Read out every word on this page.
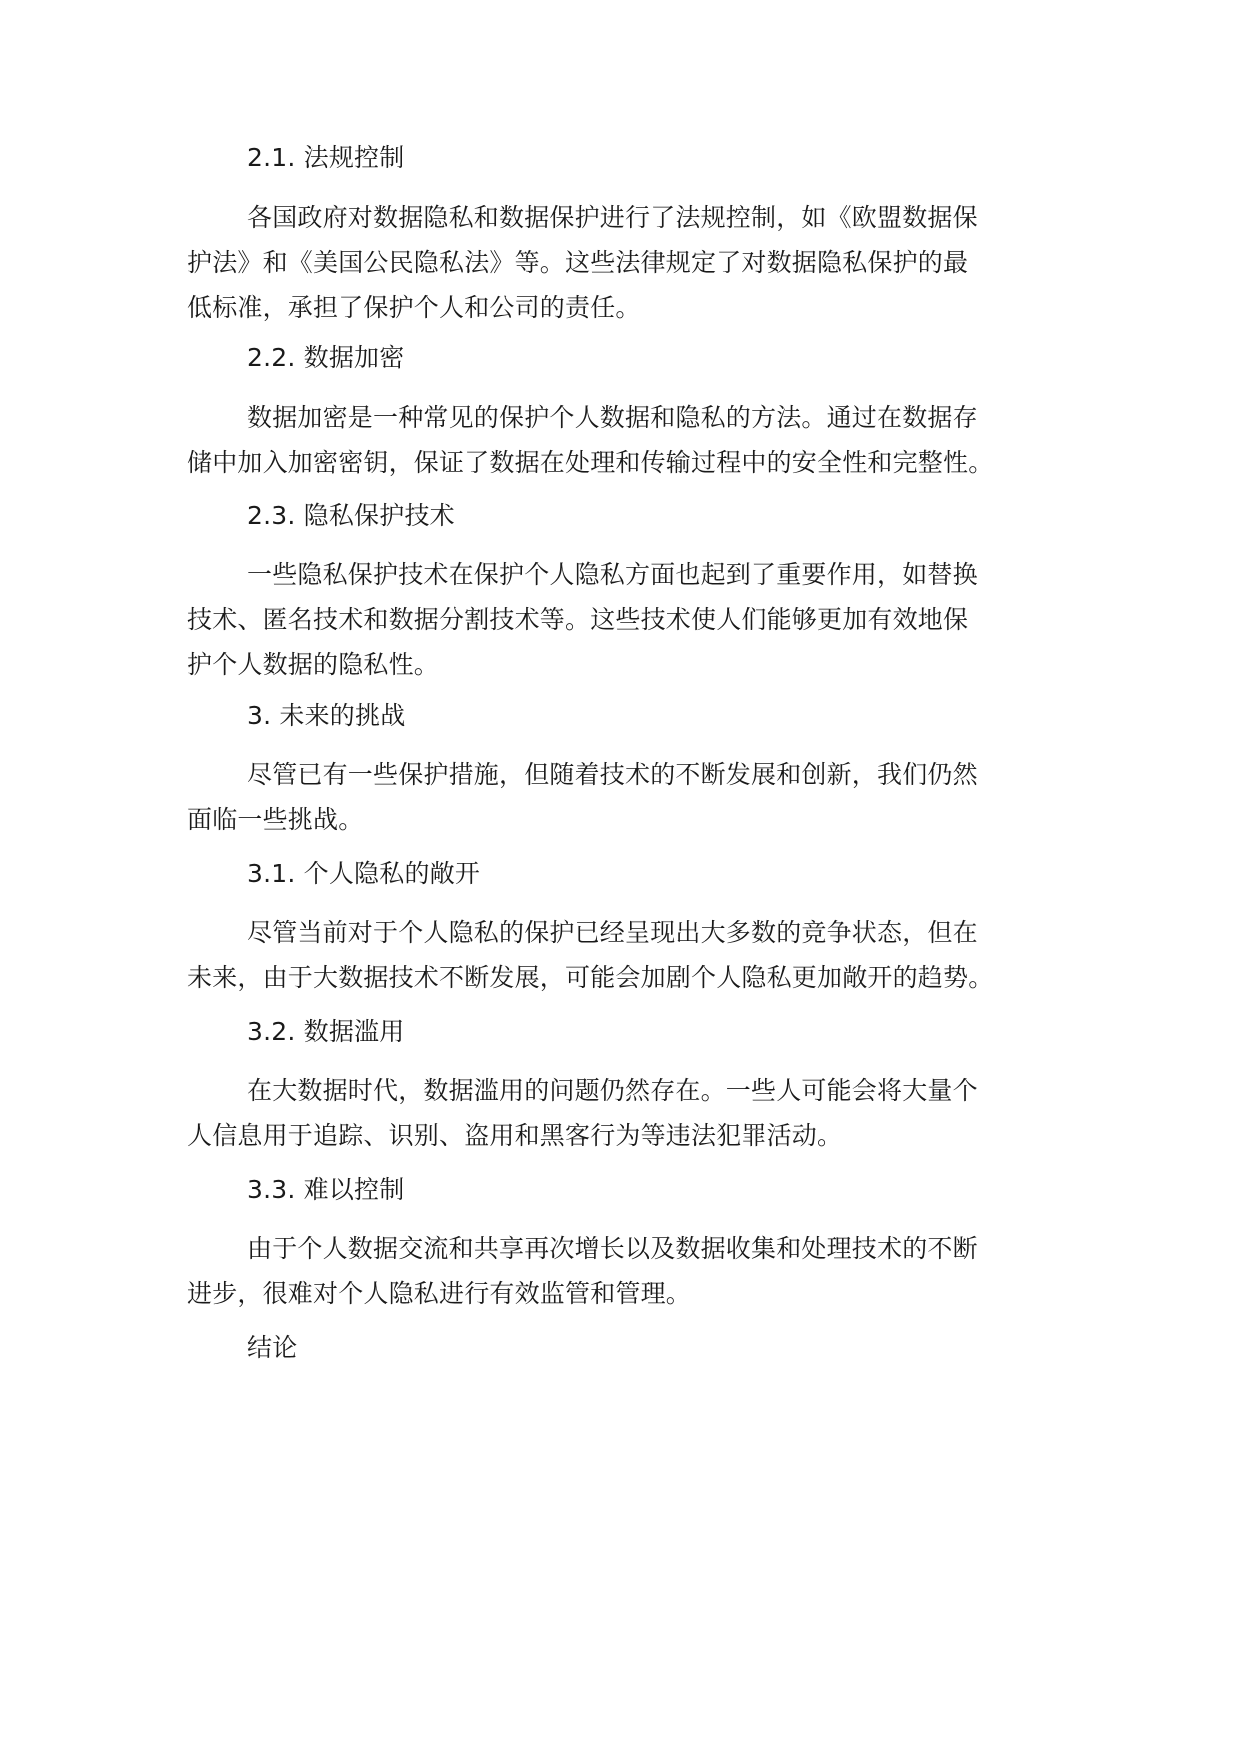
2.1. 法规控制
各国政府对数据隐私和数据保护进行了法规控制，如《欧盟数据保
护法》和《美国公民隐私法》等。这些法律规定了对数据隐私保护的最
低标准，承担了保护个人和公司的责任。
2.2. 数据加密
数据加密是一种常见的保护个人数据和隐私的方法。通过在数据存
储中加入加密密钥，保证了数据在处理和传输过程中的安全性和完整性。
2.3. 隐私保护技术
一些隐私保护技术在保护个人隐私方面也起到了重要作用，如替换
技术、匿名技术和数据分割技术等。这些技术使人们能够更加有效地保
护个人数据的隐私性。
3. 未来的挑战
尽管已有一些保护措施，但随着技术的不断发展和创新，我们仍然
面临一些挑战。
3.1. 个人隐私的敞开
尽管当前对于个人隐私的保护已经呈现出大多数的竞争状态，但在
未来，由于大数据技术不断发展，可能会加剧个人隐私更加敞开的趋势。
3.2. 数据滥用
在大数据时代，数据滥用的问题仍然存在。一些人可能会将大量个
人信息用于追踪、识别、盗用和黑客行为等违法犯罪活动。
3.3. 难以控制
由于个人数据交流和共享再次增长以及数据收集和处理技术的不断
进步，很难对个人隐私进行有效监管和管理。
结论
